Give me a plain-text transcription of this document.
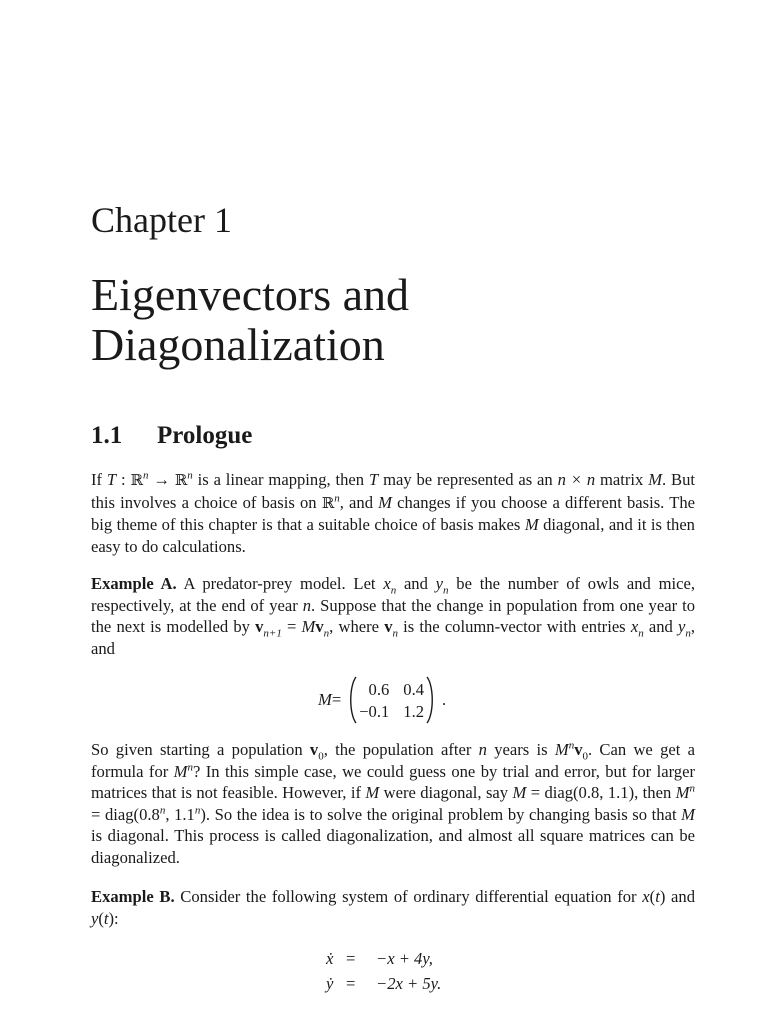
Chapter 1
Eigenvectors and
Diagonalization
1.1 Prologue

If T : ℝ$^n$ → ℝ$^n$ is a linear mapping, then T may be represented as an n × n matrix M. But this involves a choice of basis on ℝ$^n$, and M changes if you choose a different basis. The big theme of this chapter is that a suitable choice of basis makes M diagonal, and it is then easy to do calculations.

Example A. A predator-prey model. Let $x_n$ and $y_n$ be the number of owls and mice, respectively, at the end of year n. Suppose that the change in population from one year to the next is modelled by $v_{n+1} = Mv_n$, where $v_n$ is the column-vector with entries $x_n$ and $y_n$, and

M =
0.6 0.4
−0.1 1.2
.

So given starting a population $v_0$, the population after n years is $M^nv_0$. Can we get a formula for $M^n$? In this simple case, we could guess one by trial and error, but for larger matrices that is not feasible. However, if M were diagonal, say M = diag(0.8, 1.1), then $M^n$ = $diag(0.8^n$, 1.1$^n$). So the idea is to solve the original problem by changing basis so that M is diagonal. This process is called diagonalization, and almost all square matrices can be diagonalized.

Example B. Consider the following system of ordinary differential equation for x(t) and y(t):

ẋ =	−x + 4y,
ẏ =	−2x + 5y.
